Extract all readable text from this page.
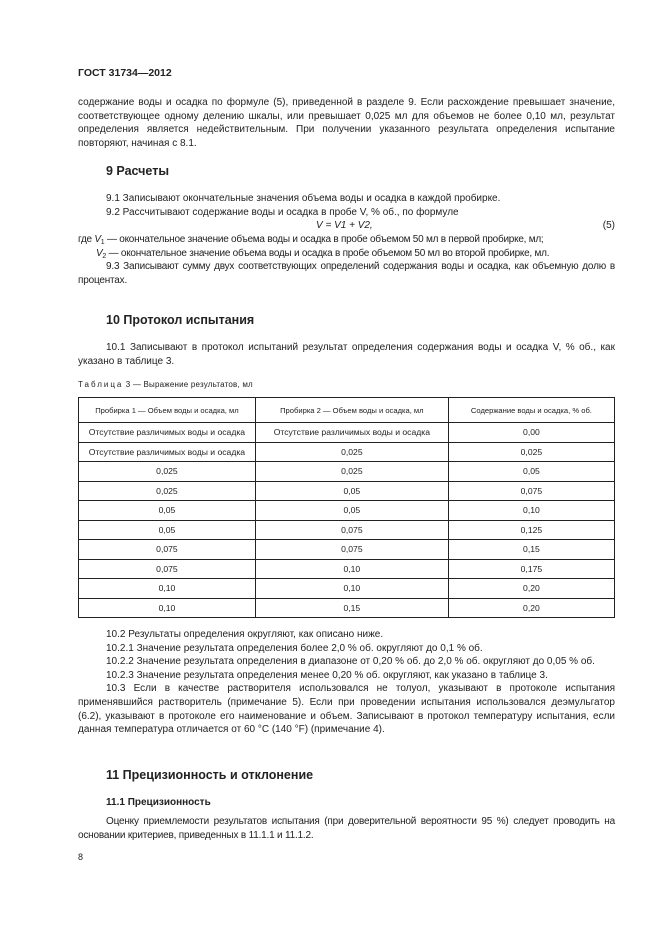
ГОСТ 31734—2012

содержание воды и осадка по формуле (5), приведенной в разделе 9. Если расхождение превышает значение, соответствующее одному делению шкалы, или превышает 0,025 мл для объемов не более 0,10 мл, результат определения является недействительным. При получении указанного результата определения испытание повторяют, начиная с 8.1.

9 Расчеты

9.1 Записывают окончательные значения объема воды и осадка в каждой пробирке.

9.2 Рассчитывают содержание воды и осадка в пробе V, % об., по формуле

V = V1 + V2,	(5)

где $V_1$ — окончательное значение объема воды и осадка в пробе объемом 50 мл в первой пробирке, мл;

$V_2$ — окончательное значение объема воды и осадка в пробе объемом 50 мл во второй пробирке, мл.

9.3 Записывают сумму двух соответствующих определений содержания воды и осадка, как объемную долю в процентах.

10 Протокол испытания

10.1 Записывают в протокол испытаний результат определения содержания воды и осадка V, % об., как указано в таблице 3.

Таблица 3 — Выражение результатов, мл
Пробирка 1 — Объем воды и осадка, мл	Пробирка 2 — Объем воды и осадка, мл	Содержание воды и осадка, % об.
Отсутствие различимых воды и осадка	Отсутствие различимых воды и осадка	0,00
Отсутствие различимых воды и осадка	0,025	0,025
0,025	0,025	0,05
0,025	0,05	0,075
0,05	0,05	0,10
0,05	0,075	0,125
0,075	0,075	0,15
0,075	0,10	0,175
0,10	0,10	0,20
0,10	0,15	0,20

10.2 Результаты определения округляют, как описано ниже.

10.2.1 Значение результата определения более 2,0 % об. округляют до 0,1 % об.

10.2.2 Значение результата определения в диапазоне от 0,20 % об. до 2,0 % об. округляют до 0,05 % об.

10.2.3 Значение результата определения менее 0,20 % об. округляют, как указано в таблице 3.

10.3 Если в качестве растворителя использовался не толуол, указывают в протоколе испытания применявшийся растворитель (примечание 5). Если при проведении испытания использовался деэмульгатор (6.2), указывают в протоколе его наименование и объем. Записывают в протокол температуру испытания, если данная температура отличается от 60 °C (140 °F) (примечание 4).

11 Прецизионность и отклонение
11.1 Прецизионность

Оценку приемлемости результатов испытания (при доверительной вероятности 95 %) следует проводить на основании критериев, приведенных в 11.1.1 и 11.1.2.

8
